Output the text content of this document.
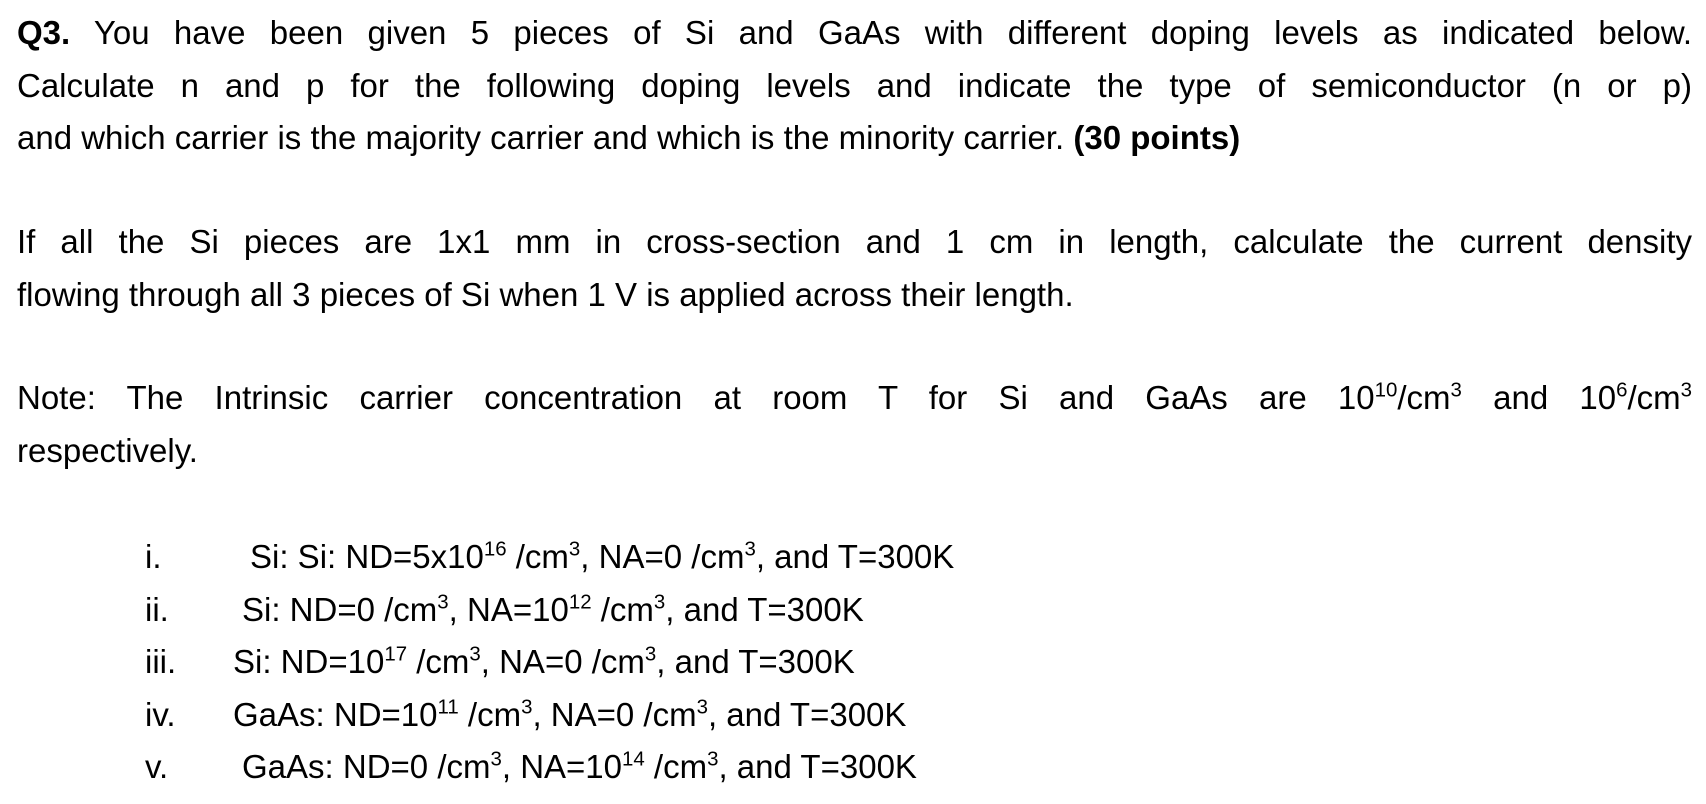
Q3. You have been given 5 pieces of Si and GaAs with different doping levels as indicated below.
Calculate n and p for the following doping levels and indicate the type of semiconductor (n or p)
and which carrier is the majority carrier and which is the minority carrier. (30 points)
If all the Si pieces are 1x1 mm in cross-section and 1 cm in length, calculate the current density
flowing through all 3 pieces of Si when 1 V is applied across their length.
Note: The Intrinsic carrier concentration at room T for Si and GaAs are $10^{10}/cm^3$ and $10^6/cm^3$
respectively.
i.	Si: Si: $ND=5x10^{16}$ $/cm^3$, NA=0 $/cm^3$, and T=300K
ii. Si: ND=0 $/cm^3$, $NA=10^{12}$ $/cm^3$, and T=300K
iii. Si: $ND=10^{17}$ $/cm^3$, NA=0 $/cm^3$, and T=300K
iv. GaAs: $ND=10^{11}$ $/cm^3$, NA=0 $/cm^3$, and T=300K
v. GaAs: ND=0 $/cm^3$, $NA=10^{14}$ $/cm^3$, and T=300K
